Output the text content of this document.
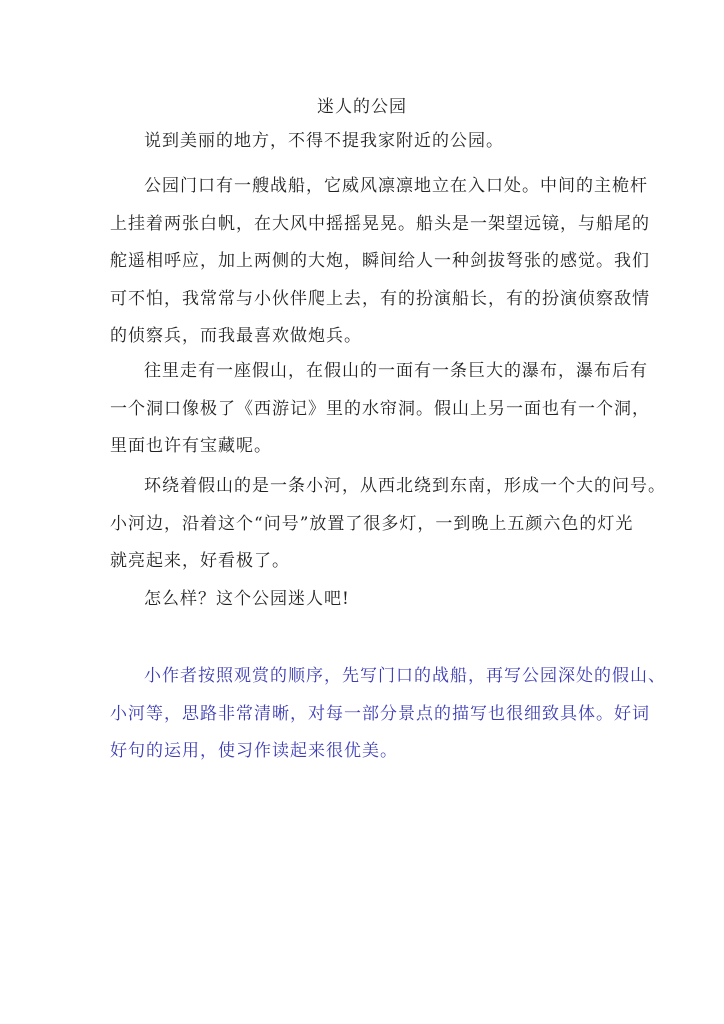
迷人的公园
说到美丽的地方，不得不提我家附近的公园。
公园门口有一艘战船，它威风凛凛地立在入口处。中间的主桅杆
上挂着两张白帆，在大风中摇摇晃晃。船头是一架望远镜，与船尾的
舵遥相呼应，加上两侧的大炮，瞬间给人一种剑拔弩张的感觉。我们
可不怕，我常常与小伙伴爬上去，有的扮演船长，有的扮演侦察敌情
的侦察兵，而我最喜欢做炮兵。
往里走有一座假山，在假山的一面有一条巨大的瀑布，瀑布后有
一个洞口像极了《西游记》里的水帘洞。假山上另一面也有一个洞，
里面也许有宝藏呢。
环绕着假山的是一条小河，从西北绕到东南，形成一个大的问号。
小河边，沿着这个“问号”放置了很多灯，一到晚上五颜六色的灯光
就亮起来，好看极了。
怎么样？这个公园迷人吧!
小作者按照观赏的顺序，先写门口的战船，再写公园深处的假山、
小河等，思路非常清晰，对每一部分景点的描写也很细致具体。好词
好句的运用，使习作读起来很优美。
